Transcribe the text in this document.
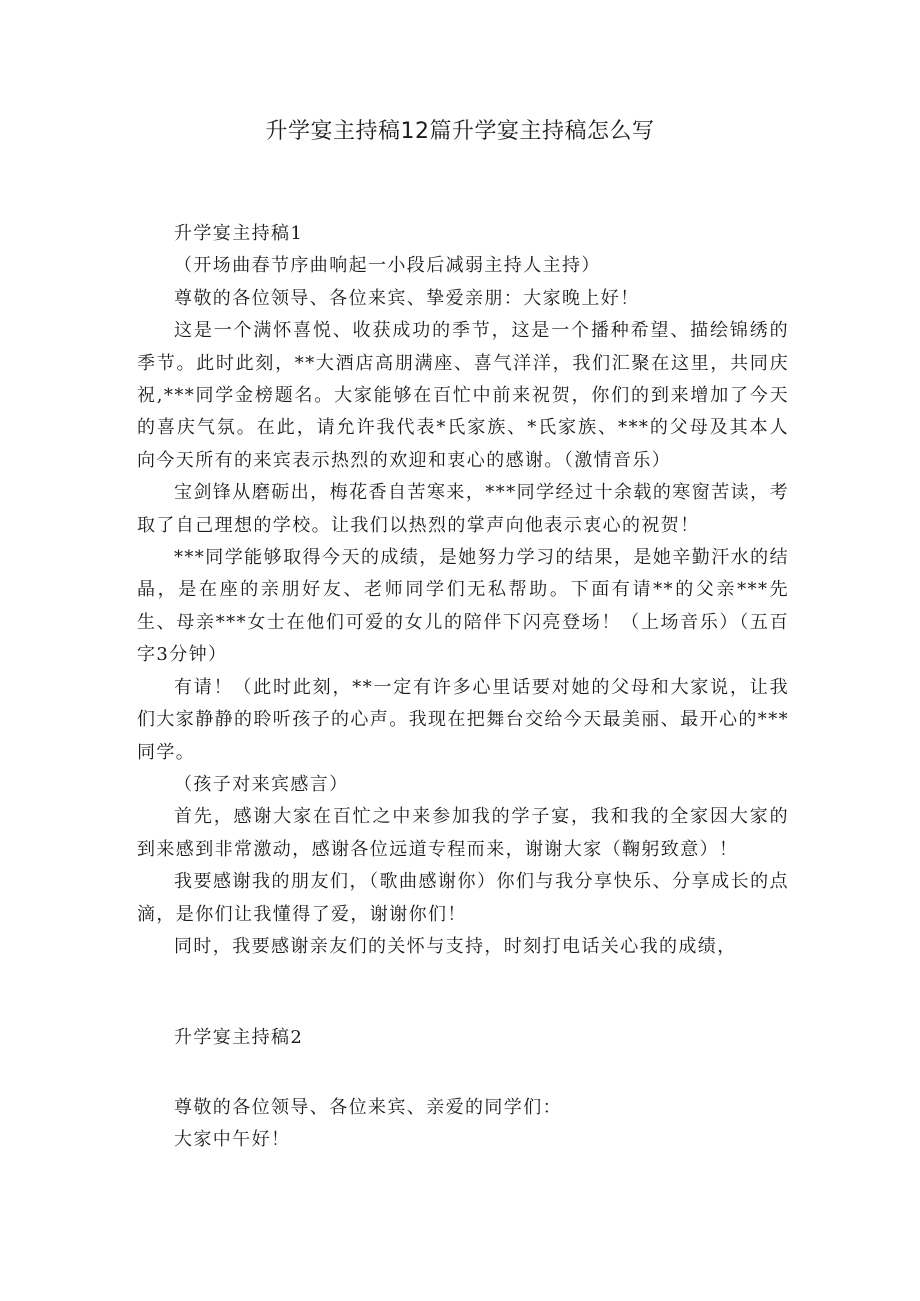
升学宴主持稿12篇升学宴主持稿怎么写

升学宴主持稿1

（开场曲春节序曲响起一小段后减弱主持人主持）

尊敬的各位领导、各位来宾、挚爱亲朋：大家晚上好！

这是一个满怀喜悦、收获成功的季节，这是一个播种希望、描绘锦绣的季节。此时此刻，**大酒店高朋满座、喜气洋洋，我们汇聚在这里，共同庆祝,***同学金榜题名。大家能够在百忙中前来祝贺，你们的到来增加了今天的喜庆气氛。在此，请允许我代表*氏家族、*氏家族、***的父母及其本人向今天所有的来宾表示热烈的欢迎和衷心的感谢。（激情音乐）

宝剑锋从磨砺出，梅花香自苦寒来，***同学经过十余载的寒窗苦读，考取了自己理想的学校。让我们以热烈的掌声向他表示衷心的祝贺！

***同学能够取得今天的成绩，是她努力学习的结果，是她辛勤汗水的结晶，是在座的亲朋好友、老师同学们无私帮助。下面有请**的父亲***先生、母亲***女士在他们可爱的女儿的陪伴下闪亮登场！（上场音乐）（五百字3分钟）

有请！（此时此刻，**一定有许多心里话要对她的父母和大家说，让我们大家静静的聆听孩子的心声。我现在把舞台交给今天最美丽、最开心的***同学。

（孩子对来宾感言）

首先，感谢大家在百忙之中来参加我的学子宴，我和我的全家因大家的到来感到非常激动，感谢各位远道专程而来，谢谢大家（鞠躬致意）！

我要感谢我的朋友们，（歌曲感谢你）你们与我分享快乐、分享成长的点滴，是你们让我懂得了爱，谢谢你们！

同时，我要感谢亲友们的关怀与支持，时刻打电话关心我的成绩，

升学宴主持稿2

尊敬的各位领导、各位来宾、亲爱的同学们：

大家中午好！
